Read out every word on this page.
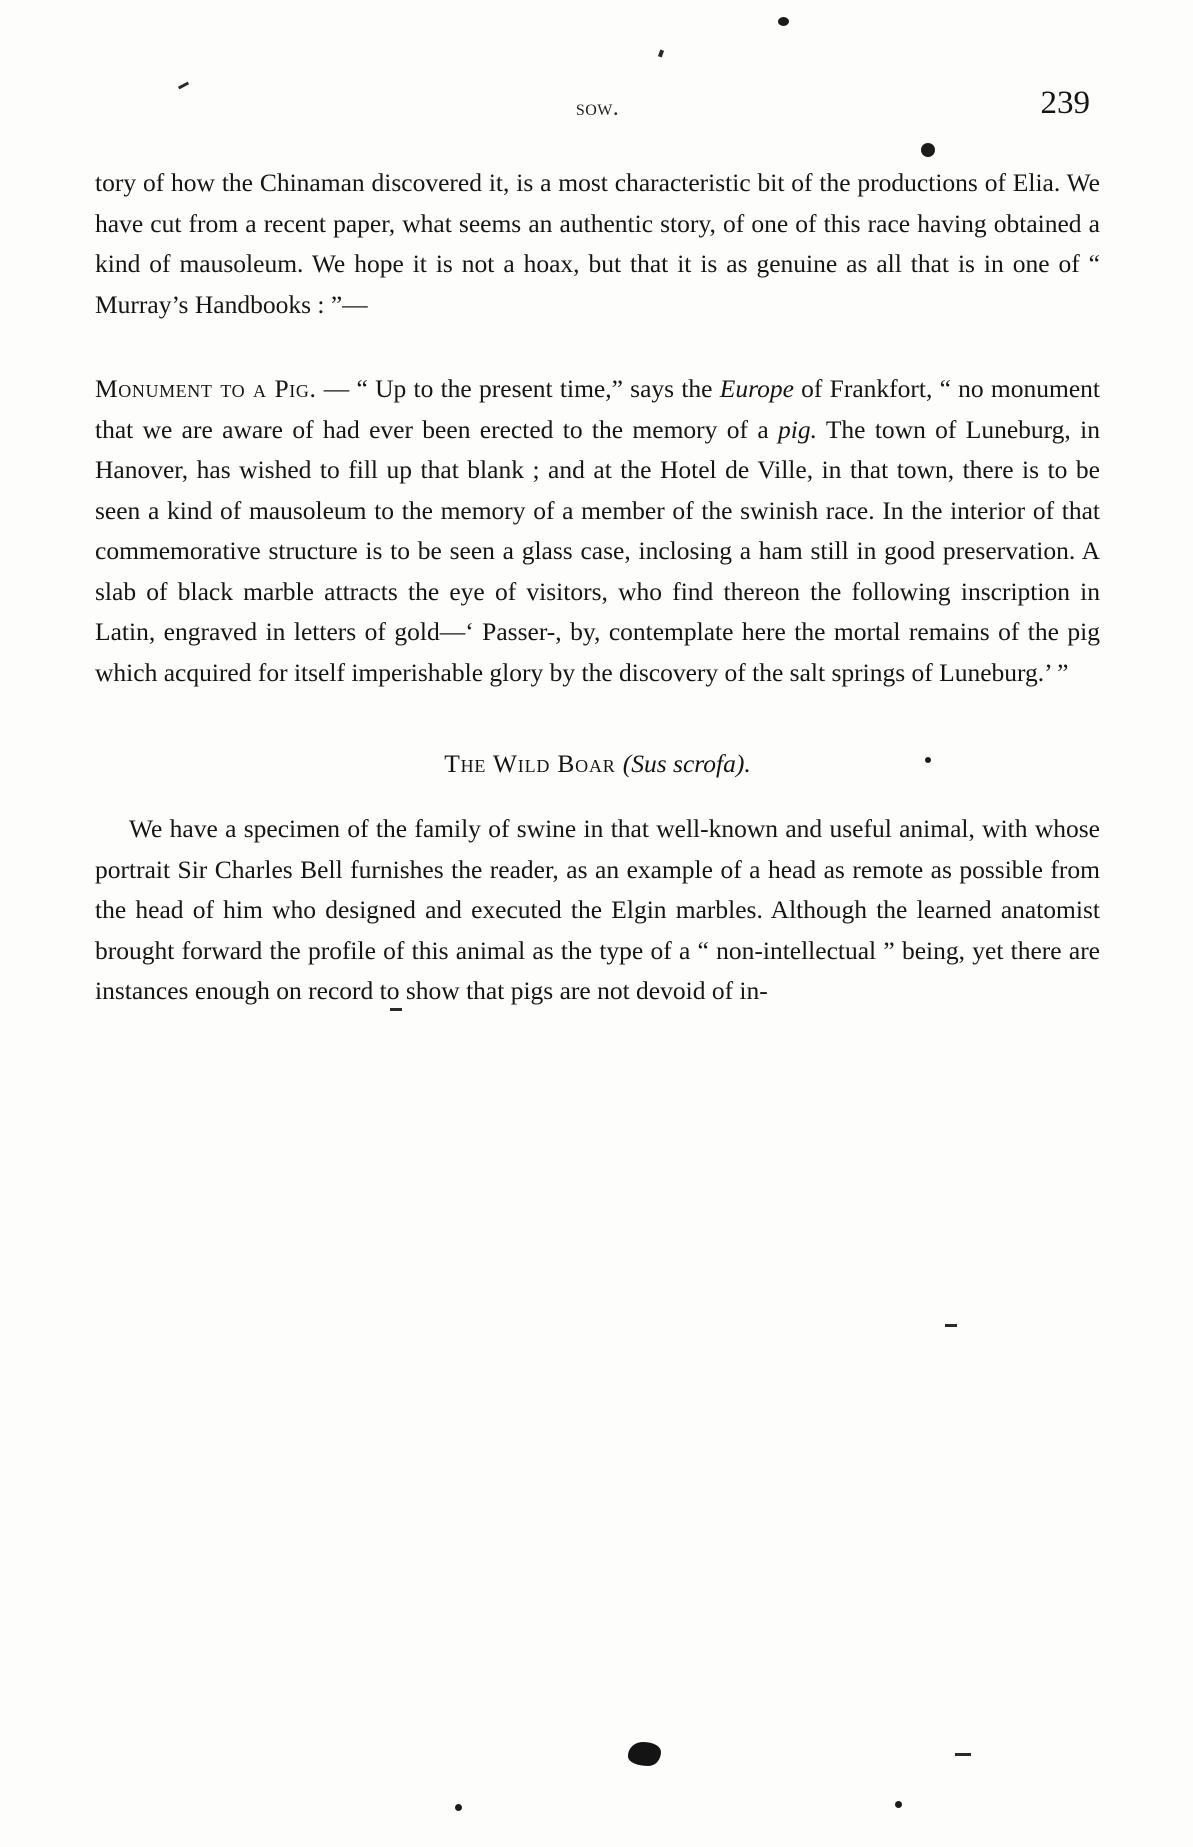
sow.	239

tory of how the Chinaman discovered it, is a most characteristic bit of the productions of Elia. We have cut from a recent paper, what seems an authentic story, of one of this race having obtained a kind of mausoleum. We hope it is not a hoax, but that it is as genuine as all that is in one of “ Murray’s Handbooks : ”—

Monument to a Pig. — “ Up to the present time,” says the Europe of Frankfort, “ no monument that we are aware of had ever been erected to the memory of a pig. The town of Luneburg, in Hanover, has wished to fill up that blank ; and at the Hotel de Ville, in that town, there is to be seen a kind of mausoleum to the memory of a member of the swinish race. In the interior of that commemorative structure is to be seen a glass case, inclosing a ham still in good preservation. A slab of black marble attracts the eye of visitors, who find thereon the following inscription in Latin, engraved in letters of gold—‘ Passer-, by, contemplate here the mortal remains of the pig which acquired for itself imperishable glory by the discovery of the salt springs of Luneburg.’ ”

The Wild Boar (Sus scrofa).

We have a specimen of the family of swine in that well-known and useful animal, with whose portrait Sir Charles Bell furnishes the reader, as an example of a head as remote as possible from the head of him who designed and executed the Elgin marbles. Although the learned anatomist brought forward the profile of this animal as the type of a “ non-intellectual ” being, yet there are instances enough on record to show that pigs are not devoid of in-
